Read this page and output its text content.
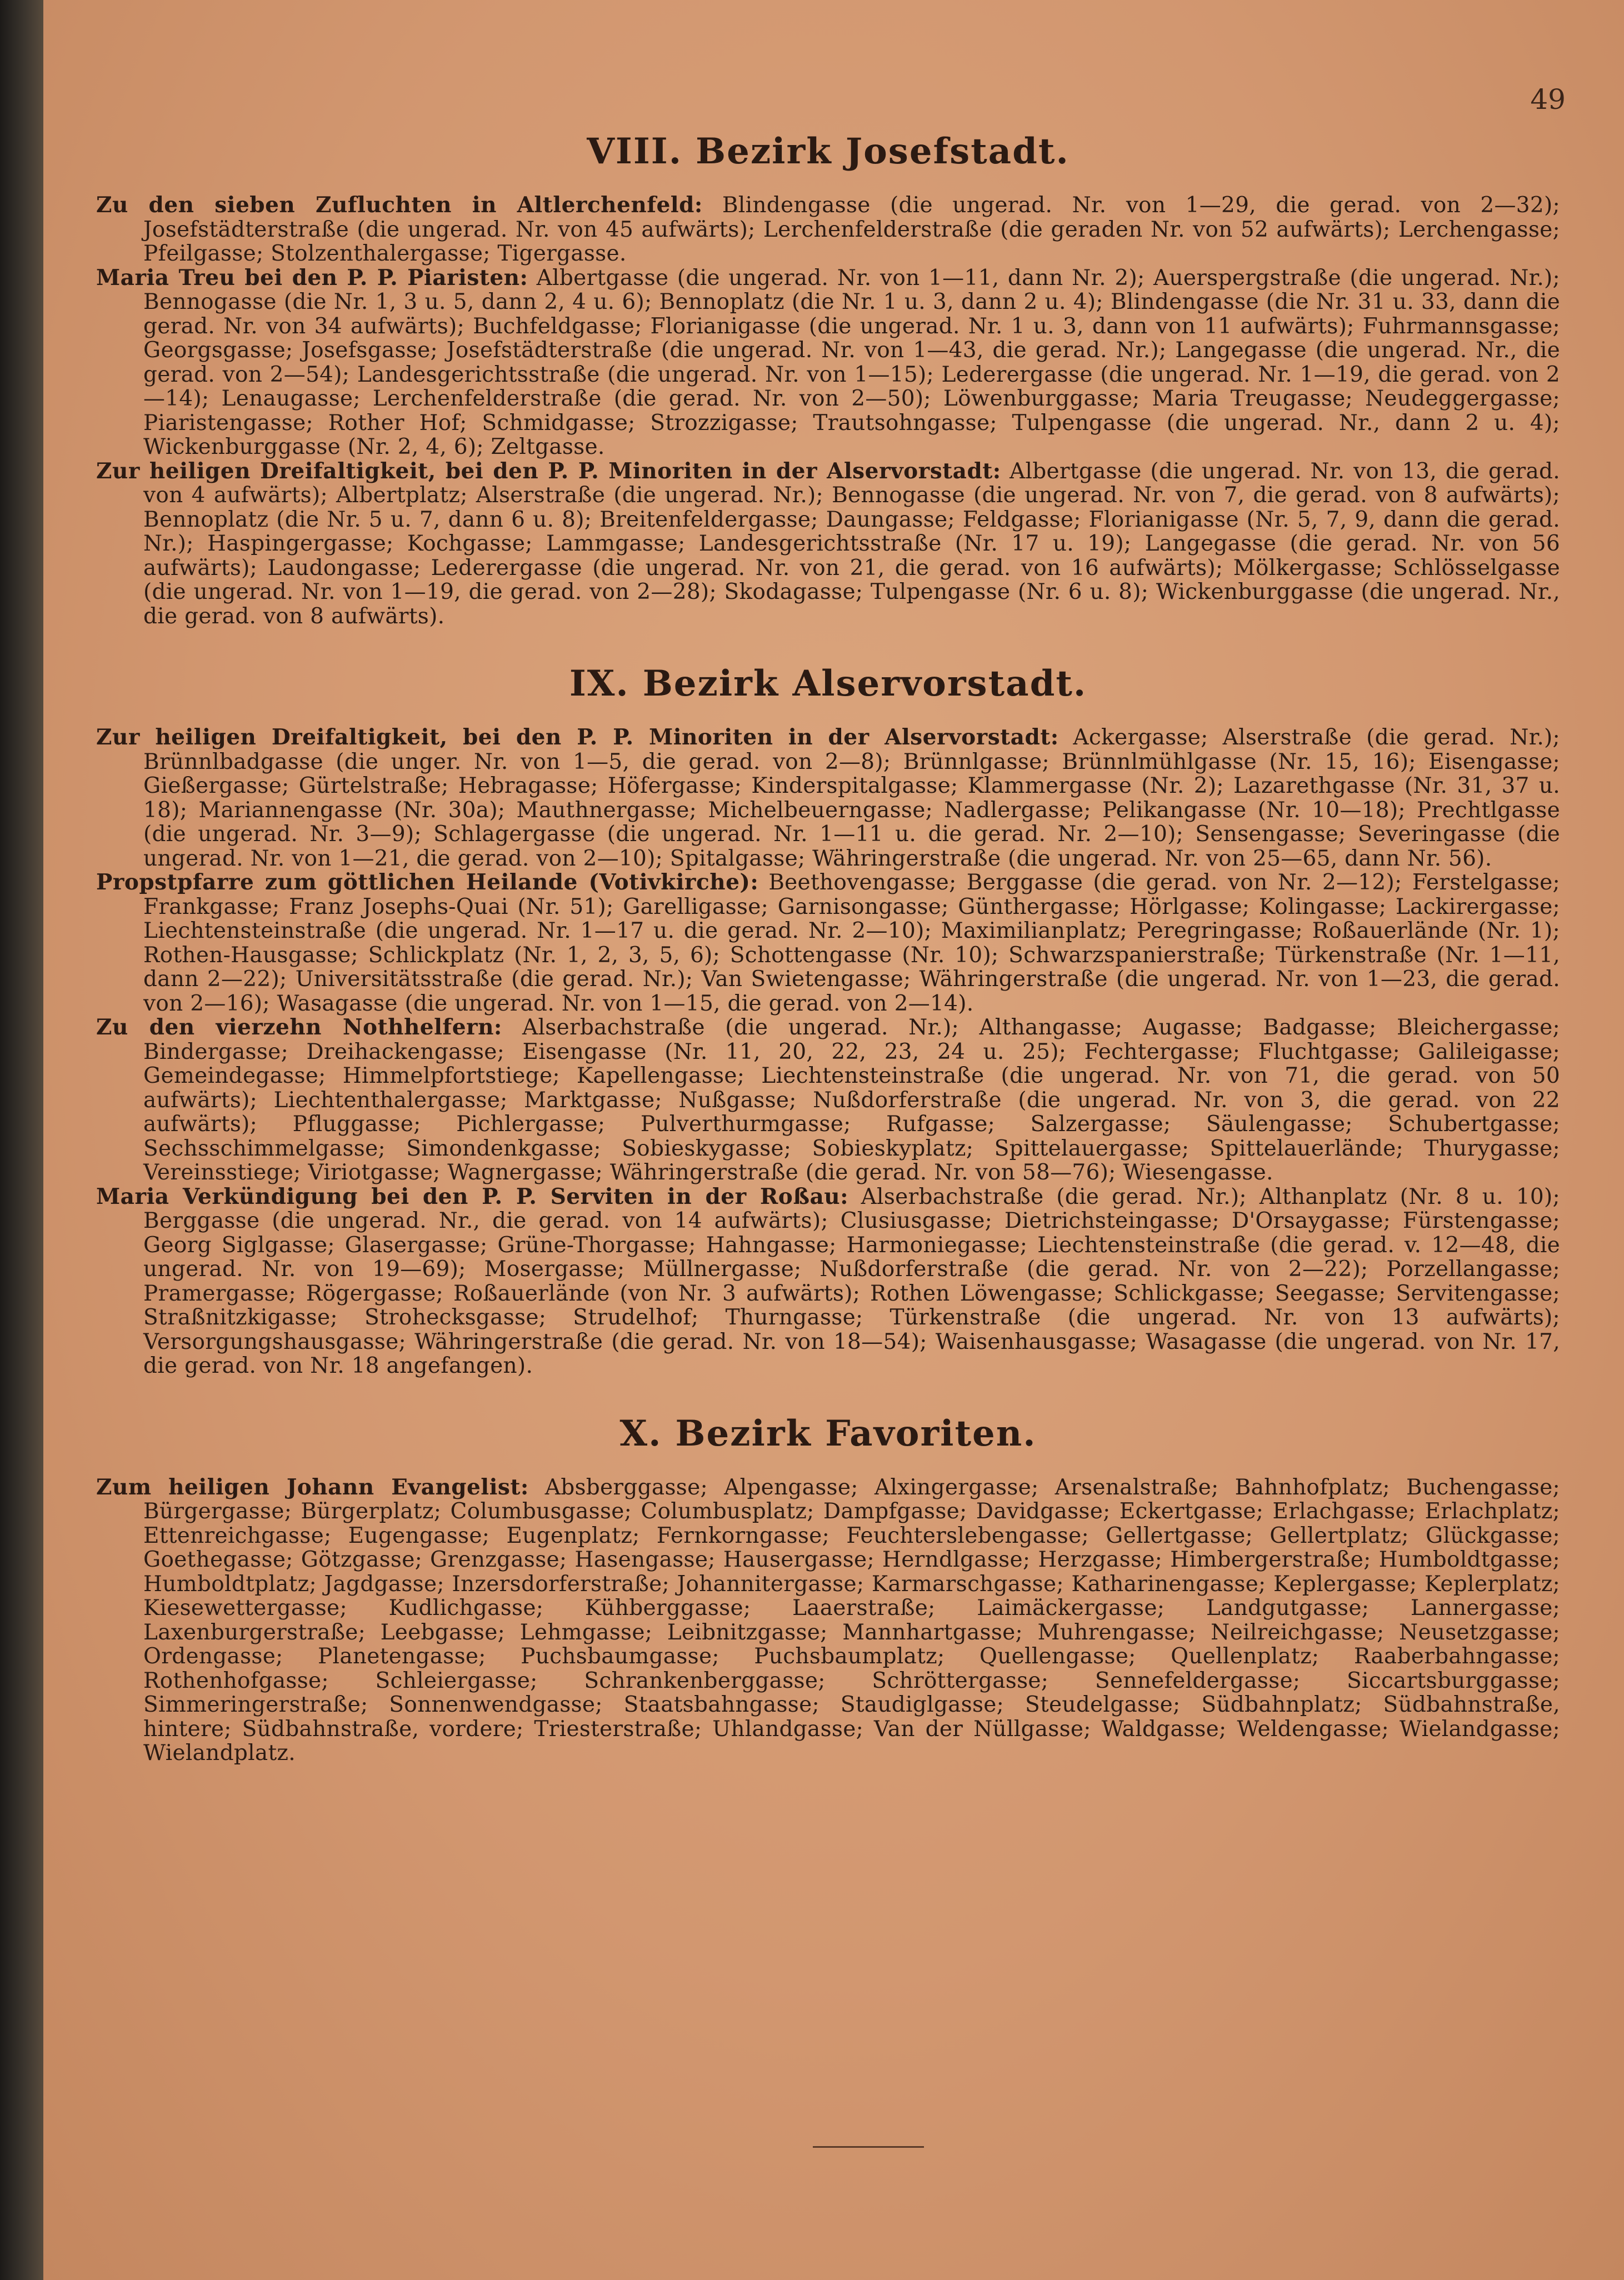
49
VIII. Bezirk Josefstadt.

Zu den sieben Zufluchten in Altlerchenfeld: Blindengasse (die ungerad. Nr. von 1—29, die gerad. von 2—32); Josefstädterstraße (die ungerad. Nr. von 45 aufwärts); Lerchenfelderstraße (die geraden Nr. von 52 aufwärts); Lerchengasse; Pfeilgasse; Stolzenthalergasse; Tigergasse.

Maria Treu bei den P. P. Piaristen: Albertgasse (die ungerad. Nr. von 1—11, dann Nr. 2); Auerspergstraße (die ungerad. Nr.); Bennogasse (die Nr. 1, 3 u. 5, dann 2, 4 u. 6); Bennoplatz (die Nr. 1 u. 3, dann 2 u. 4); Blindengasse (die Nr. 31 u. 33, dann die gerad. Nr. von 34 aufwärts); Buchfeldgasse; Florianigasse (die ungerad. Nr. 1 u. 3, dann von 11 aufwärts); Fuhrmannsgasse; Georgsgasse; Josefsgasse; Josefstädterstraße (die ungerad. Nr. von 1—43, die gerad. Nr.); Langegasse (die ungerad. Nr., die gerad. von 2—54); Landesgerichtsstraße (die ungerad. Nr. von 1—15); Lederergasse (die ungerad. Nr. 1—19, die gerad. von 2—14); Lenaugasse; Lerchenfelderstraße (die gerad. Nr. von 2—50); Löwenburggasse; Maria Treugasse; Neudeggergasse; Piaristengasse; Rother Hof; Schmidgasse; Strozzigasse; Trautsohngasse; Tulpengasse (die ungerad. Nr., dann 2 u. 4); Wickenburggasse (Nr. 2, 4, 6); Zeltgasse.

Zur heiligen Dreifaltigkeit, bei den P. P. Minoriten in der Alservorstadt: Albertgasse (die ungerad. Nr. von 13, die gerad. von 4 aufwärts); Albertplatz; Alserstraße (die ungerad. Nr.); Bennogasse (die ungerad. Nr. von 7, die gerad. von 8 aufwärts); Bennoplatz (die Nr. 5 u. 7, dann 6 u. 8); Breitenfeldergasse; Daungasse; Feldgasse; Florianigasse (Nr. 5, 7, 9, dann die gerad. Nr.); Haspingergasse; Kochgasse; Lammgasse; Landesgerichtsstraße (Nr. 17 u. 19); Langegasse (die gerad. Nr. von 56 aufwärts); Laudongasse; Lederergasse (die ungerad. Nr. von 21, die gerad. von 16 aufwärts); Mölkergasse; Schlösselgasse (die ungerad. Nr. von 1—19, die gerad. von 2—28); Skodagasse; Tulpengasse (Nr. 6 u. 8); Wickenburggasse (die ungerad. Nr., die gerad. von 8 aufwärts).

IX. Bezirk Alservorstadt.

Zur heiligen Dreifaltigkeit, bei den P. P. Minoriten in der Alservorstadt: Ackergasse; Alserstraße (die gerad. Nr.); Brünnlbadgasse (die unger. Nr. von 1—5, die gerad. von 2—8); Brünnlgasse; Brünnlmühlgasse (Nr. 15, 16); Eisengasse; Gießergasse; Gürtelstraße; Hebragasse; Höfergasse; Kinderspitalgasse; Klammergasse (Nr. 2); Lazarethgasse (Nr. 31, 37 u. 18); Mariannengasse (Nr. 30a); Mauthnergasse; Michelbeuerngasse; Nadlergasse; Pelikangasse (Nr. 10—18); Prechtlgasse (die ungerad. Nr. 3—9); Schlagergasse (die ungerad. Nr. 1—11 u. die gerad. Nr. 2—10); Sensengasse; Severingasse (die ungerad. Nr. von 1—21, die gerad. von 2—10); Spitalgasse; Währingerstraße (die ungerad. Nr. von 25—65, dann Nr. 56).

Propstpfarre zum göttlichen Heilande (Votivkirche): Beethovengasse; Berggasse (die gerad. von Nr. 2—12); Ferstelgasse; Frankgasse; Franz Josephs-Quai (Nr. 51); Garelligasse; Garnisongasse; Günthergasse; Hörlgasse; Kolingasse; Lackirergasse; Liechtensteinstraße (die ungerad. Nr. 1—17 u. die gerad. Nr. 2—10); Maximilianplatz; Peregringasse; Roßauerlände (Nr. 1); Rothen-Hausgasse; Schlickplatz (Nr. 1, 2, 3, 5, 6); Schottengasse (Nr. 10); Schwarzspanierstraße; Türkenstraße (Nr. 1—11, dann 2—22); Universitätsstraße (die gerad. Nr.); Van Swietengasse; Währingerstraße (die ungerad. Nr. von 1—23, die gerad. von 2—16); Wasagasse (die ungerad. Nr. von 1—15, die gerad. von 2—14).

Zu den vierzehn Nothhelfern: Alserbachstraße (die ungerad. Nr.); Althangasse; Augasse; Badgasse; Bleichergasse; Bindergasse; Dreihackengasse; Eisengasse (Nr. 11, 20, 22, 23, 24 u. 25); Fechtergasse; Fluchtgasse; Galileigasse; Gemeindegasse; Himmelpfortstiege; Kapellengasse; Liechtensteinstraße (die ungerad. Nr. von 71, die gerad. von 50 aufwärts); Liechtenthalergasse; Marktgasse; Nußgasse; Nußdorferstraße (die ungerad. Nr. von 3, die gerad. von 22 aufwärts); Pfluggasse; Pichlergasse; Pulverthurmgasse; Rufgasse; Salzergasse; Säulengasse; Schubertgasse; Sechsschimmelgasse; Simondenkgasse; Sobieskygasse; Sobieskyplatz; Spittelauergasse; Spittelauerlände; Thurygasse; Vereinsstiege; Viriotgasse; Wagnergasse; Währingerstraße (die gerad. Nr. von 58—76); Wiesengasse.

Maria Verkündigung bei den P. P. Serviten in der Roßau: Alserbachstraße (die gerad. Nr.); Althanplatz (Nr. 8 u. 10); Berggasse (die ungerad. Nr., die gerad. von 14 aufwärts); Clusiusgasse; Dietrichsteingasse; D'Orsaygasse; Fürstengasse; Georg Siglgasse; Glasergasse; Grüne-Thorgasse; Hahngasse; Harmoniegasse; Liechtensteinstraße (die gerad. v. 12—48, die ungerad. Nr. von 19—69); Mosergasse; Müllnergasse; Nußdorferstraße (die gerad. Nr. von 2—22); Porzellangasse; Pramergasse; Rögergasse; Roßauerlände (von Nr. 3 aufwärts); Rothen Löwengasse; Schlickgasse; Seegasse; Servitengasse; Straßnitzkigasse; Strohecksgasse; Strudelhof; Thurngasse; Türkenstraße (die ungerad. Nr. von 13 aufwärts); Versorgungshausgasse; Währingerstraße (die gerad. Nr. von 18—54); Waisenhausgasse; Wasagasse (die ungerad. von Nr. 17, die gerad. von Nr. 18 angefangen).

X. Bezirk Favoriten.

Zum heiligen Johann Evangelist: Absberggasse; Alpengasse; Alxingergasse; Arsenalstraße; Bahnhofplatz; Buchengasse; Bürgergasse; Bürgerplatz; Columbusgasse; Columbusplatz; Dampfgasse; Davidgasse; Eckertgasse; Erlachgasse; Erlachplatz; Ettenreichgasse; Eugengasse; Eugenplatz; Fernkorngasse; Feuchterslebengasse; Gellertgasse; Gellertplatz; Glückgasse; Goethegasse; Götzgasse; Grenzgasse; Hasengasse; Hausergasse; Herndlgasse; Herzgasse; Himbergerstraße; Humboldtgasse; Humboldtplatz; Jagdgasse; Inzersdorferstraße; Johannitergasse; Karmarschgasse; Katharinengasse; Keplergasse; Keplerplatz; Kiesewettergasse; Kudlichgasse; Kühberggasse; Laaerstraße; Laimäckergasse; Landgutgasse; Lannergasse; Laxenburgerstraße; Leebgasse; Lehmgasse; Leibnitzgasse; Mannhartgasse; Muhrengasse; Neilreichgasse; Neusetzgasse; Ordengasse; Planetengasse; Puchsbaumgasse; Puchsbaumplatz; Quellengasse; Quellenplatz; Raaberbahngasse; Rothenhofgasse; Schleiergasse; Schrankenberggasse; Schröttergasse; Sennefeldergasse; Siccartsburggasse; Simmeringerstraße; Sonnenwendgasse; Staatsbahngasse; Staudiglgasse; Steudelgasse; Südbahnplatz; Südbahnstraße, hintere; Südbahnstraße, vordere; Triesterstraße; Uhlandgasse; Van der Nüllgasse; Waldgasse; Weldengasse; Wielandgasse; Wielandplatz.
